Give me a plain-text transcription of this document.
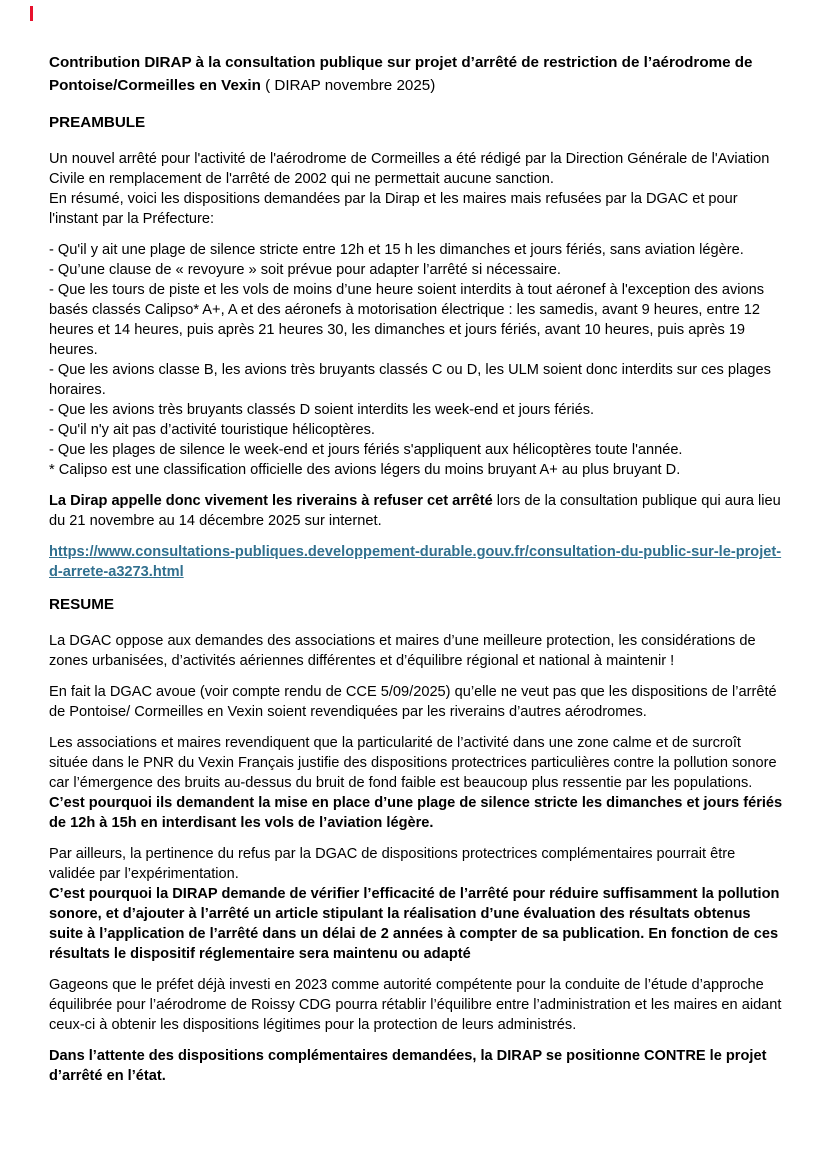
Contribution DIRAP à la consultation publique sur projet d’arrêté de restriction de l’aérodrome de Pontoise/Cormeilles en Vexin ( DIRAP novembre 2025)
PREAMBULE
Un nouvel arrêté pour l'activité de l'aérodrome de Cormeilles a été rédigé par la Direction Générale de l'Aviation Civile en remplacement de l'arrêté de 2002 qui ne permettait aucune sanction.
En résumé, voici les dispositions demandées par la Dirap et les maires mais refusées par la DGAC et pour l'instant par la Préfecture:
- Qu'il y ait une plage de silence stricte entre 12h et 15 h les dimanches et jours fériés, sans aviation légère.
- Qu’une clause de « revoyure » soit prévue pour adapter l’arrêté si nécessaire.
- Que les tours de piste et les vols de moins d’une heure soient interdits à tout aéronef à l'exception des avions basés classés Calipso* A+, A et des aéronefs à motorisation électrique : les samedis, avant 9 heures, entre 12 heures et 14 heures, puis après 21 heures 30, les dimanches et jours fériés, avant 10 heures, puis après 19 heures.
- Que les avions classe B, les avions très bruyants classés C ou D, les ULM soient donc interdits sur ces plages horaires.
- Que les avions très bruyants classés D soient interdits les week-end et jours fériés.
- Qu'il n'y ait pas d’activité touristique hélicoptères.
- Que les plages de silence le week-end et jours fériés s'appliquent aux hélicoptères toute l'année.
* Calipso est une classification officielle des avions légers du moins bruyant A+ au plus bruyant D.
La Dirap appelle donc vivement les riverains à refuser cet arrêté lors de la consultation publique qui aura lieu du 21 novembre au 14 décembre 2025 sur internet.
https://www.consultations-publiques.developpement-durable.gouv.fr/consultation-du-public-sur-le-projet-d-arrete-a3273.html
RESUME
La DGAC oppose aux demandes des associations et maires d’une meilleure protection, les considérations de zones urbanisées, d’activités aériennes différentes et d’équilibre régional et national à maintenir !
En fait la DGAC avoue (voir compte rendu de CCE 5/09/2025) qu’elle ne veut pas que les dispositions de l’arrêté de Pontoise/ Cormeilles en Vexin soient revendiquées par les riverains d’autres aérodromes.
Les associations et maires revendiquent que la particularité de l’activité dans une zone calme et de surcroît située dans le PNR du Vexin Français justifie des dispositions protectrices particulières contre la pollution sonore car l’émergence des bruits au-dessus du bruit de fond faible est beaucoup plus ressentie par les populations.
C’est pourquoi ils demandent la mise en place d’une plage de silence stricte les dimanches et jours fériés de 12h à 15h en interdisant les vols de l’aviation légère.
Par ailleurs, la pertinence du refus par la DGAC de dispositions protectrices complémentaires pourrait être validée par l’expérimentation.
C’est pourquoi la DIRAP demande de vérifier l’efficacité de l’arrêté pour réduire suffisamment la pollution sonore, et d’ajouter à l’arrêté un article stipulant la réalisation d’une évaluation des résultats obtenus suite à l’application de l’arrêté dans un délai de 2 années à compter de sa publication. En fonction de ces résultats le dispositif réglementaire sera maintenu ou adapté
Gageons que le préfet déjà investi en 2023 comme autorité compétente pour la conduite de l’étude d’approche équilibrée pour l’aérodrome de Roissy CDG pourra rétablir l’équilibre entre l’administration et les maires en aidant ceux-ci à obtenir les dispositions légitimes pour la protection de leurs administrés.
Dans l’attente des dispositions complémentaires demandées, la DIRAP se positionne CONTRE le projet d’arrêté en l’état.
